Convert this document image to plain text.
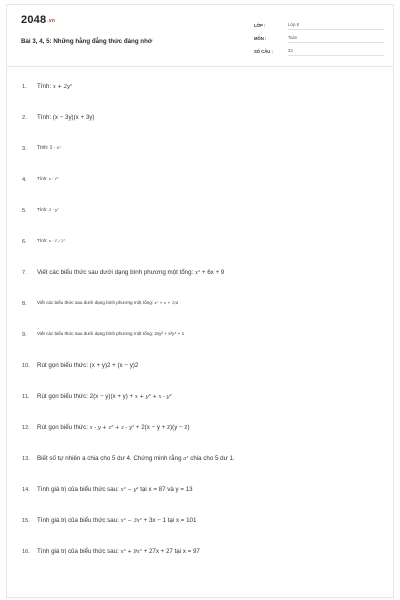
$2048^{.vn}$
Bài 3, 4, 5: Những hằng đẳng thức đáng nhớ
LỚP :	Lớp 8
MÔN :	Toán
SỐ CÂU :	33
1. Tính: x + 2y²
2. Tính: (x − 3y)(x + 3y)
3. Tính: 5 - x²
4. Tính: x - 1²
5. Tính: 3 - y²
6. Tính: x - 1 / 2²
7. Viết các biểu thức sau dưới dạng bình phương một tổng: x² + 6x + 9
8. Viết các biểu thức sau dưới dạng bình phương một tổng: x² + x + 1/4
9. Viết các biểu thức sau dưới dạng bình phương một tổng: 2xy² + x²y⁴ + 1
10. Rút gọn biểu thức: (x + y)2 + (x − y)2
11. Rút gọn biểu thức: 2(x − y)(x + y) + x + y² + x - y²
12. Rút gọn biểu thức: x - y + z² + z - y² + 2(x − y + z)(y − z)
13. Biết số tự nhiên a chia cho 5 dư 4. Chứng minh rằng a² chia cho 5 dư 1.
14. Tính giá trị của biểu thức sau: x² − y² tại x = 87 và y = 13
15. Tính giá trị của biểu thức sau: x³ − 3x² + 3x − 1 tại x = 101
16. Tính giá trị của biểu thức sau: x³ + 9x² + 27x + 27 tại x = 97
